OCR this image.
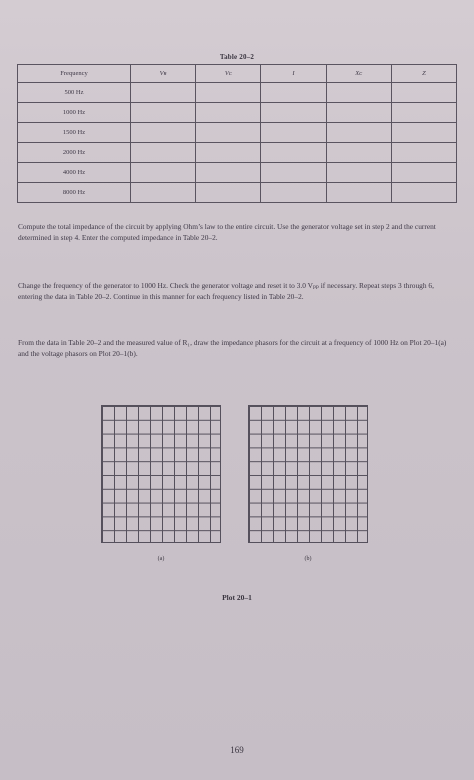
Table 20–2
Frequency	Vʀ	Vᴄ	I	Xᴄ	Z
500 Hz					
1000 Hz					
1500 Hz					
2000 Hz					
4000 Hz					
8000 Hz					

Compute the total impedance of the circuit by applying Ohm’s law to the entire circuit. Use the generator voltage set in step 2 and the current determined in step 4. Enter the computed impedance in Table 20–2.

Change the frequency of the generator to 1000 Hz. Check the generator voltage and reset it to 3.0 Vₚₚ if necessary. Repeat steps 3 through 6, entering the data in Table 20–2. Continue in this manner for each frequency listed in Table 20–2.

From the data in Table 20–2 and the measured value of R₁, draw the impedance phasors for the circuit at a frequency of 1000 Hz on Plot 20–1(a) and the voltage phasors on Plot 20–1(b).

(a)	(b)
Plot 20–1
169
